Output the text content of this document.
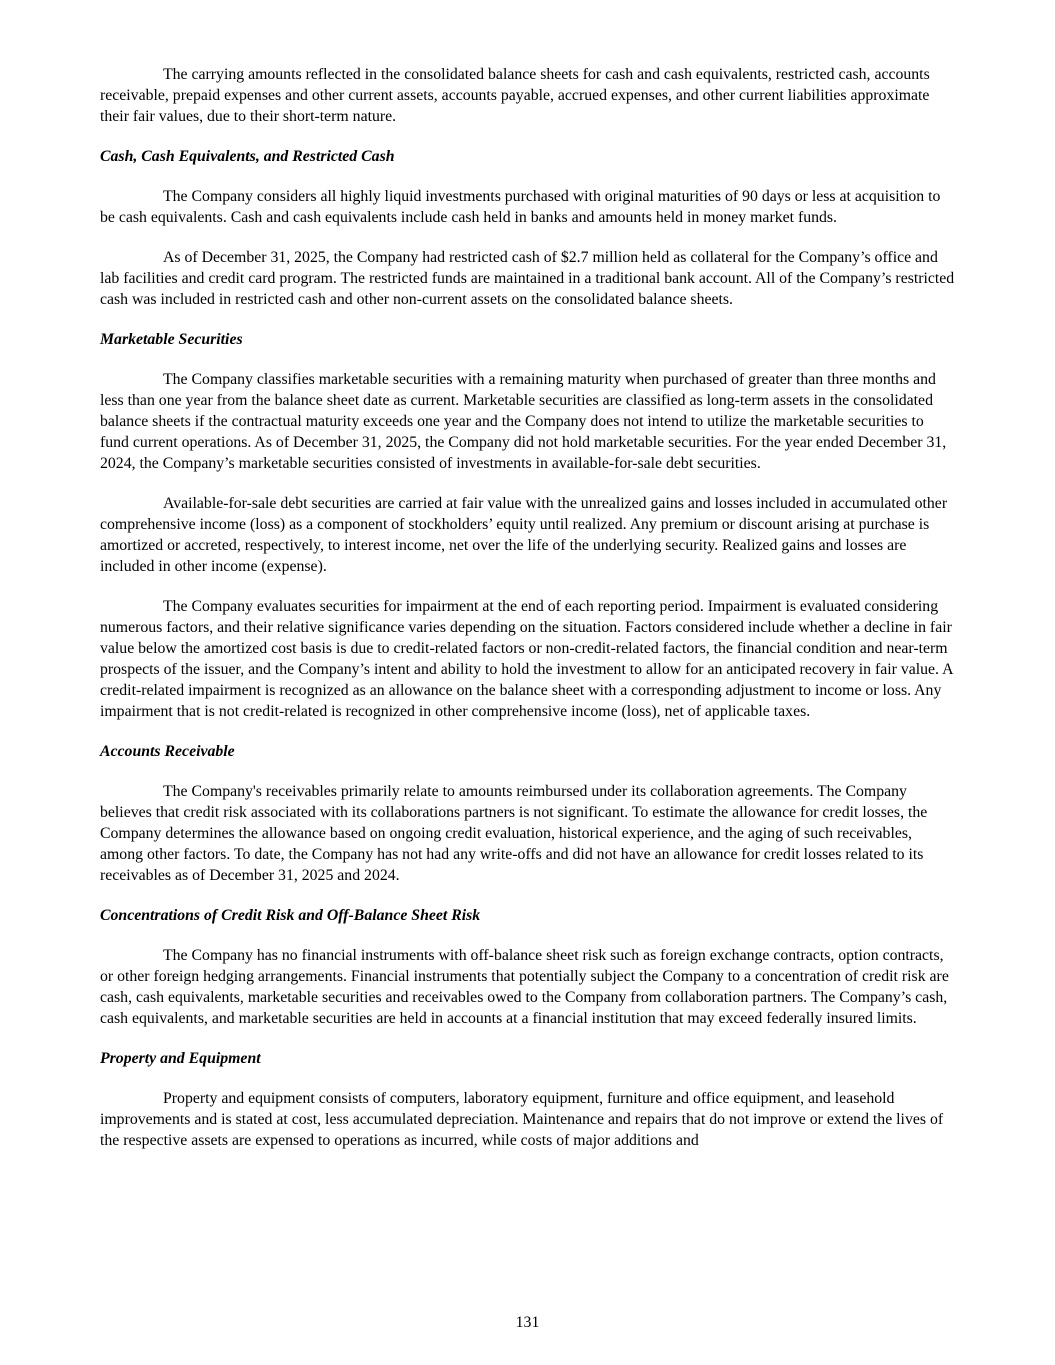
The carrying amounts reflected in the consolidated balance sheets for cash and cash equivalents, restricted cash, accounts receivable, prepaid expenses and other current assets, accounts payable, accrued expenses, and other current liabilities approximate their fair values, due to their short-term nature.

Cash, Cash Equivalents, and Restricted Cash

The Company considers all highly liquid investments purchased with original maturities of 90 days or less at acquisition to be cash equivalents. Cash and cash equivalents include cash held in banks and amounts held in money market funds.

As of December 31, 2025, the Company had restricted cash of $2.7 million held as collateral for the Company’s office and lab facilities and credit card program. The restricted funds are maintained in a traditional bank account. All of the Company’s restricted cash was included in restricted cash and other non-current assets on the consolidated balance sheets.

Marketable Securities

The Company classifies marketable securities with a remaining maturity when purchased of greater than three months and less than one year from the balance sheet date as current. Marketable securities are classified as long-term assets in the consolidated balance sheets if the contractual maturity exceeds one year and the Company does not intend to utilize the marketable securities to fund current operations. As of December 31, 2025, the Company did not hold marketable securities. For the year ended December 31, 2024, the Company’s marketable securities consisted of investments in available-for-sale debt securities.

Available-for-sale debt securities are carried at fair value with the unrealized gains and losses included in accumulated other comprehensive income (loss) as a component of stockholders’ equity until realized. Any premium or discount arising at purchase is amortized or accreted, respectively, to interest income, net over the life of the underlying security. Realized gains and losses are included in other income (expense).

The Company evaluates securities for impairment at the end of each reporting period. Impairment is evaluated considering numerous factors, and their relative significance varies depending on the situation. Factors considered include whether a decline in fair value below the amortized cost basis is due to credit-related factors or non-credit-related factors, the financial condition and near-term prospects of the issuer, and the Company’s intent and ability to hold the investment to allow for an anticipated recovery in fair value. A credit-related impairment is recognized as an allowance on the balance sheet with a corresponding adjustment to income or loss. Any impairment that is not credit-related is recognized in other comprehensive income (loss), net of applicable taxes.

Accounts Receivable

The Company's receivables primarily relate to amounts reimbursed under its collaboration agreements. The Company believes that credit risk associated with its collaborations partners is not significant. To estimate the allowance for credit losses, the Company determines the allowance based on ongoing credit evaluation, historical experience, and the aging of such receivables, among other factors. To date, the Company has not had any write-offs and did not have an allowance for credit losses related to its receivables as of December 31, 2025 and 2024.

Concentrations of Credit Risk and Off-Balance Sheet Risk

The Company has no financial instruments with off-balance sheet risk such as foreign exchange contracts, option contracts, or other foreign hedging arrangements. Financial instruments that potentially subject the Company to a concentration of credit risk are cash, cash equivalents, marketable securities and receivables owed to the Company from collaboration partners. The Company’s cash, cash equivalents, and marketable securities are held in accounts at a financial institution that may exceed federally insured limits.

Property and Equipment

Property and equipment consists of computers, laboratory equipment, furniture and office equipment, and leasehold improvements and is stated at cost, less accumulated depreciation. Maintenance and repairs that do not improve or extend the lives of the respective assets are expensed to operations as incurred, while costs of major additions and

131
